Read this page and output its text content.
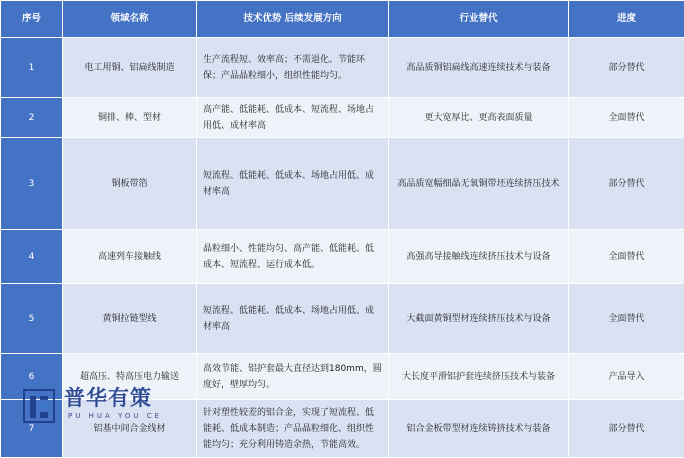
序号	领域名称	技术优势 后续发展方向	行业替代	进度
1	电工用铜、铝扁线制造	生产流程短、效率高；不需退化、节能环保；产品晶粒细小，组织性能均匀。	高品质铜铝扁线高速连续技术与装备	部分替代
2	铜排、棒、型材	高产能、低能耗、低成本、短流程、场地占用低、成材率高	更大宽厚比、更高表面质量	全面替代
3	铜板带箔	短流程、低能耗、低成本、场地占用低、成材率高	高品质宽幅细晶无氧铜带坯连续挤压技术	部分替代
4	高速列车接触线	晶粒细小、性能均匀、高产能、低能耗、低成本、短流程、运行成本低。	高强高导接触线连续挤压技术与设备	全面替代
5	黄铜拉链型线	短流程、低能耗、低成本、场地占用低、成材率高	大截面黄铜型材连续挤压技术与设备	全面替代
6	超高压、特高压电力输送	高效节能、铝护套最大直径达到180mm，圆度好，壁厚均匀。	大长度平滑铝护套连续挤压技术与装备	产品导入
7	铝基中间合金线材	针对塑性较差的铝合金，实现了短流程、低能耗、低成本制造；产品晶粒细化、组织性能均匀；充分利用铸造余热，节能高效。	铝合金板带型材连续铸挤技术与装备	部分替代
普华有策
PU HUA YOU CE
